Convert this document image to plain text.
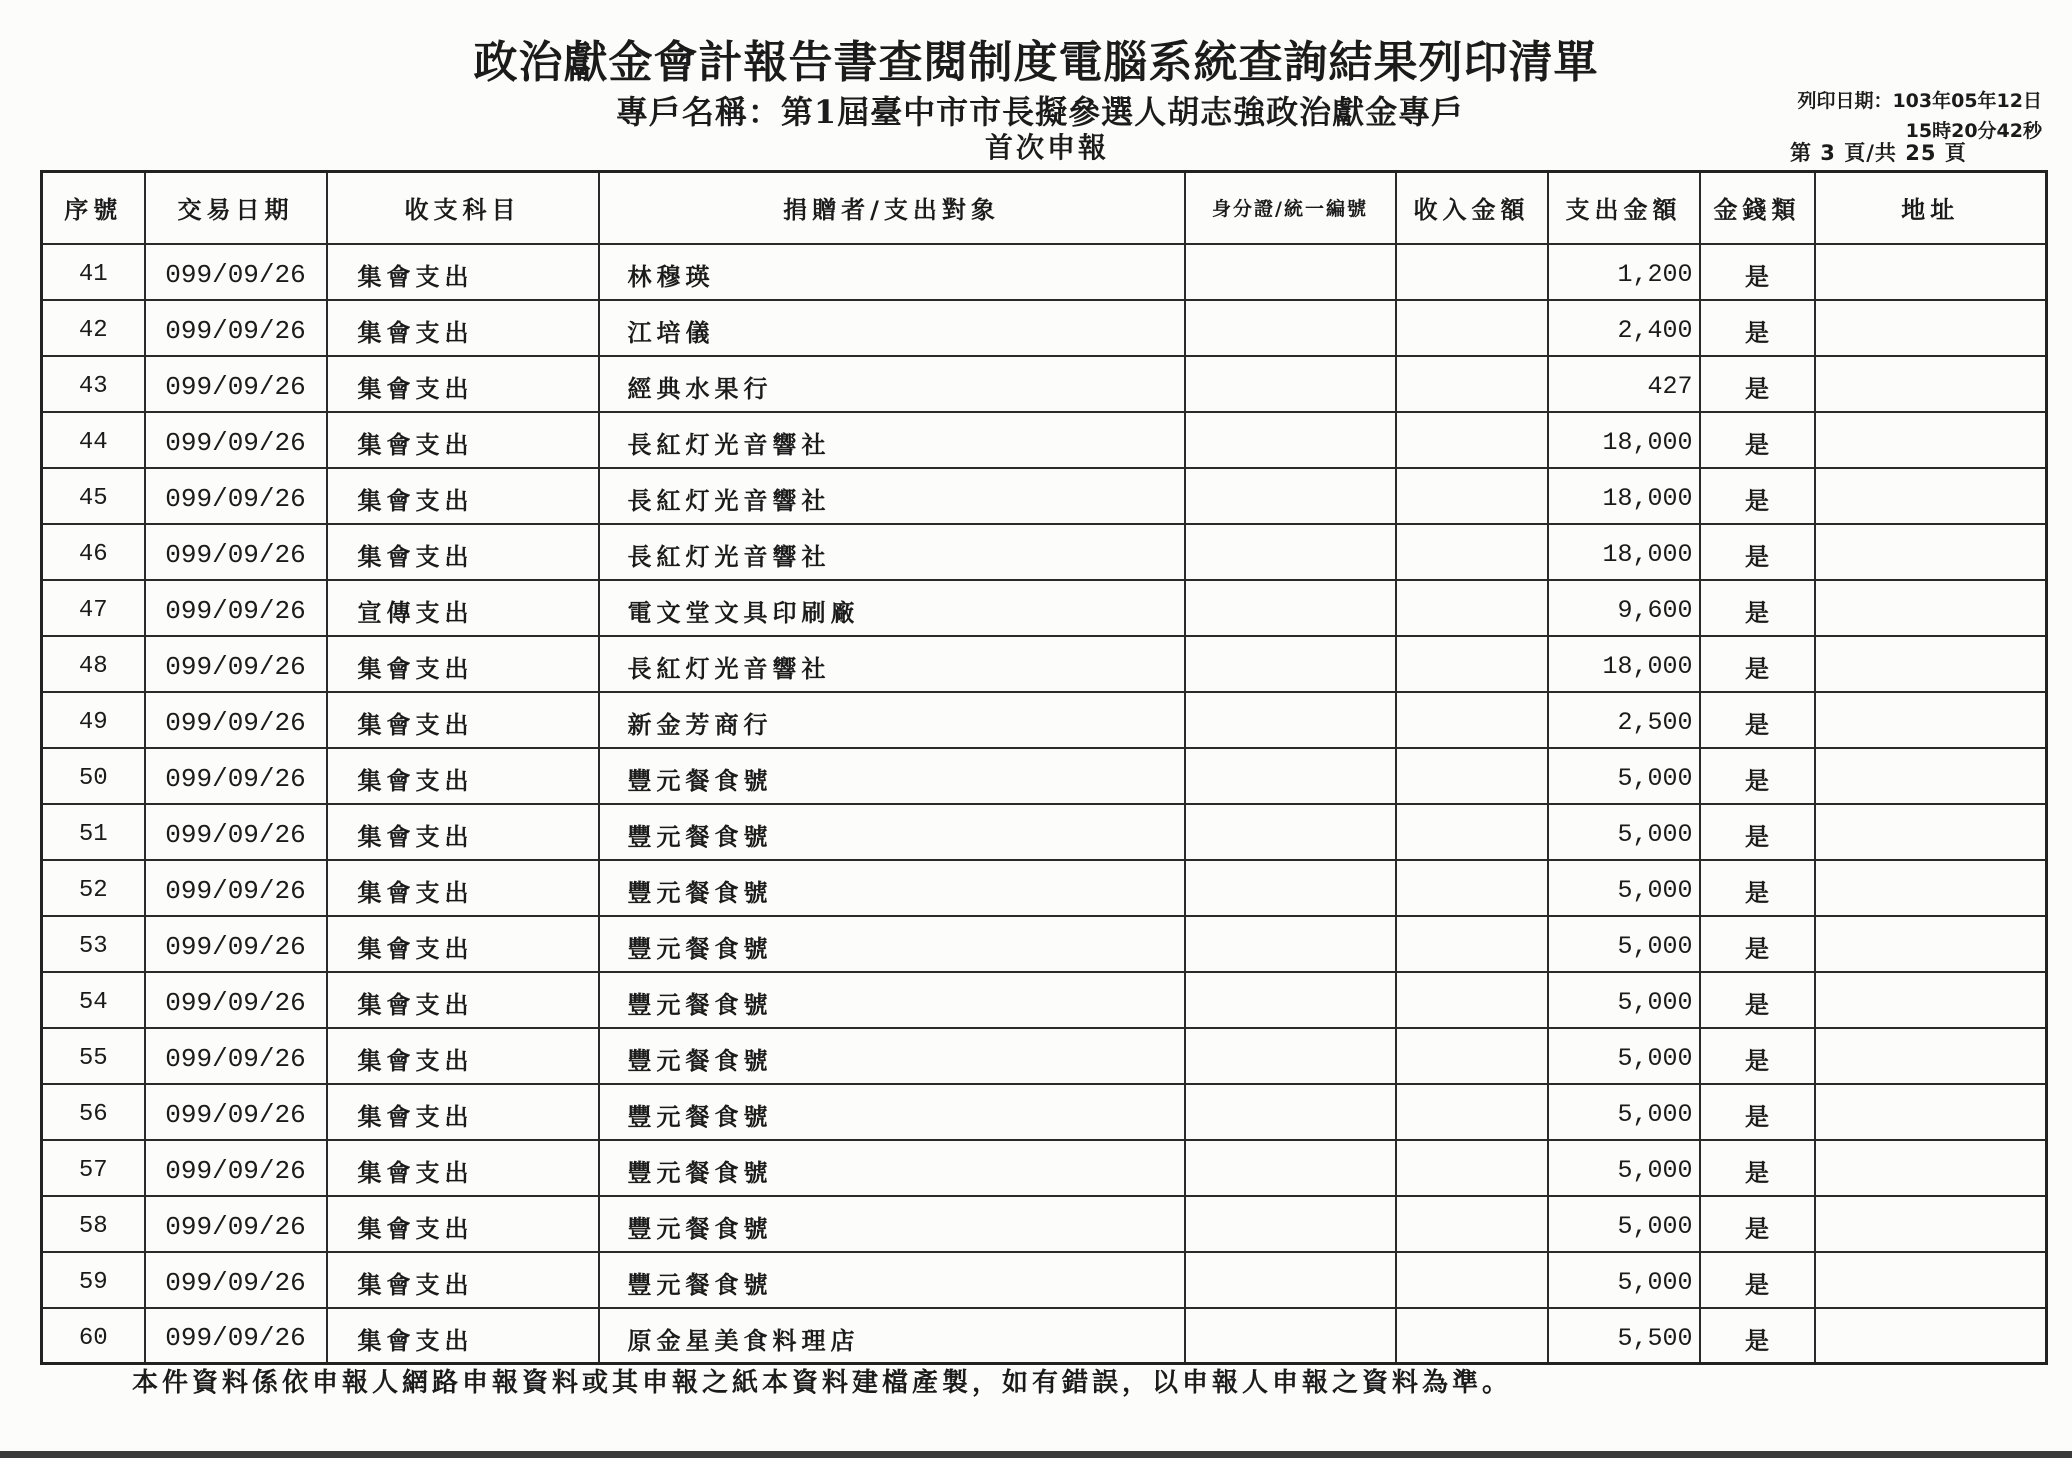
政治獻金會計報告書查閱制度電腦系統查詢結果列印清單
專戶名稱：第1屆臺中市市長擬參選人胡志強政治獻金專戶
首次申報
列印日期：103年05年12日
15時20分42秒
第 3 頁/共 25 頁
序號	交易日期	收支科目	捐贈者/支出對象	身分證/統一編號	收入金額	支出金額	金錢類	地址
41	099/09/26	集會支出	林穆瑛			1,200	是	
42	099/09/26	集會支出	江培儀			2,400	是	
43	099/09/26	集會支出	經典水果行			427	是	
44	099/09/26	集會支出	長紅灯光音響社			18,000	是	
45	099/09/26	集會支出	長紅灯光音響社			18,000	是	
46	099/09/26	集會支出	長紅灯光音響社			18,000	是	
47	099/09/26	宣傳支出	電文堂文具印刷廠			9,600	是	
48	099/09/26	集會支出	長紅灯光音響社			18,000	是	
49	099/09/26	集會支出	新金芳商行			2,500	是	
50	099/09/26	集會支出	豐元餐食號			5,000	是	
51	099/09/26	集會支出	豐元餐食號			5,000	是	
52	099/09/26	集會支出	豐元餐食號			5,000	是	
53	099/09/26	集會支出	豐元餐食號			5,000	是	
54	099/09/26	集會支出	豐元餐食號			5,000	是	
55	099/09/26	集會支出	豐元餐食號			5,000	是	
56	099/09/26	集會支出	豐元餐食號			5,000	是	
57	099/09/26	集會支出	豐元餐食號			5,000	是	
58	099/09/26	集會支出	豐元餐食號			5,000	是	
59	099/09/26	集會支出	豐元餐食號			5,000	是	
60	099/09/26	集會支出	原金星美食料理店			5,500	是	
本件資料係依申報人網路申報資料或其申報之紙本資料建檔產製，如有錯誤，以申報人申報之資料為準。
